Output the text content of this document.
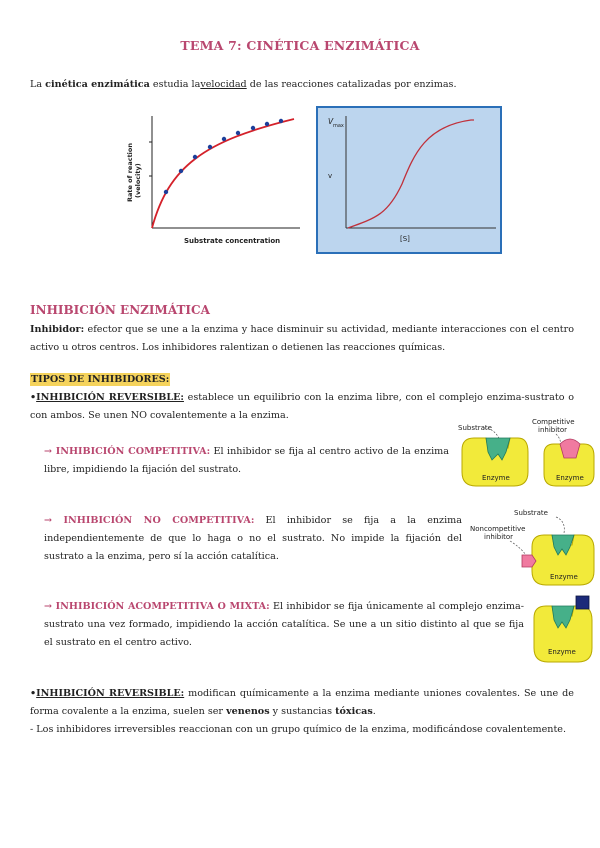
TEMA 7: CINÉTICA ENZIMÁTICA
La cinética enzimática estudia lavelocidad de las reacciones catalizadas por enzimas.
Rate of reaction (velocity)
Substrate concentration
V max
v
[S]
INHIBICIÓN ENZIMÁTICA
Inhibidor: efector que se une a la enzima y hace disminuir su actividad, mediante interacciones con el centro activo u otros centros. Los inhibidores ralentizan o detienen las reacciones químicas.
TIPOS DE INHIBIDORES:
•INHIBICIÓN REVERSIBLE: establece un equilibrio con la enzima libre, con el complejo enzima-sustrato o con ambos. Se unen NO covalentemente a la enzima.
→ INHIBICIÓN COMPETITIVA: El inhibidor se fija al centro activo de la enzima libre, impidiendo la fijación del sustrato.
→ INHIBICIÓN NO COMPETITIVA: El inhibidor se fija a la enzima independientemente de que lo haga o no el sustrato. No impide la fijación del sustrato a la enzima, pero sí la acción catalítica.
→ INHIBICIÓN ACOMPETITIVA O MIXTA: El inhibidor se fija únicamente al complejo enzima-sustrato una vez formado, impidiendo la acción catalítica. Se une a un sitio distinto al que se fija el sustrato en el centro activo.
Substrate
Competitive
inhibitor
Enzyme	Enzyme
Substrate
Noncompetitive
inhibitor
Enzyme
Enzyme
•INHIBICIÓN REVERSIBLE: modifican químicamente a la enzima mediante uniones covalentes. Se une de forma covalente a la enzima, suelen ser venenos y sustancias tóxicas.
- Los inhibidores irreversibles reaccionan con un grupo químico de la enzima, modificándose covalentemente.
